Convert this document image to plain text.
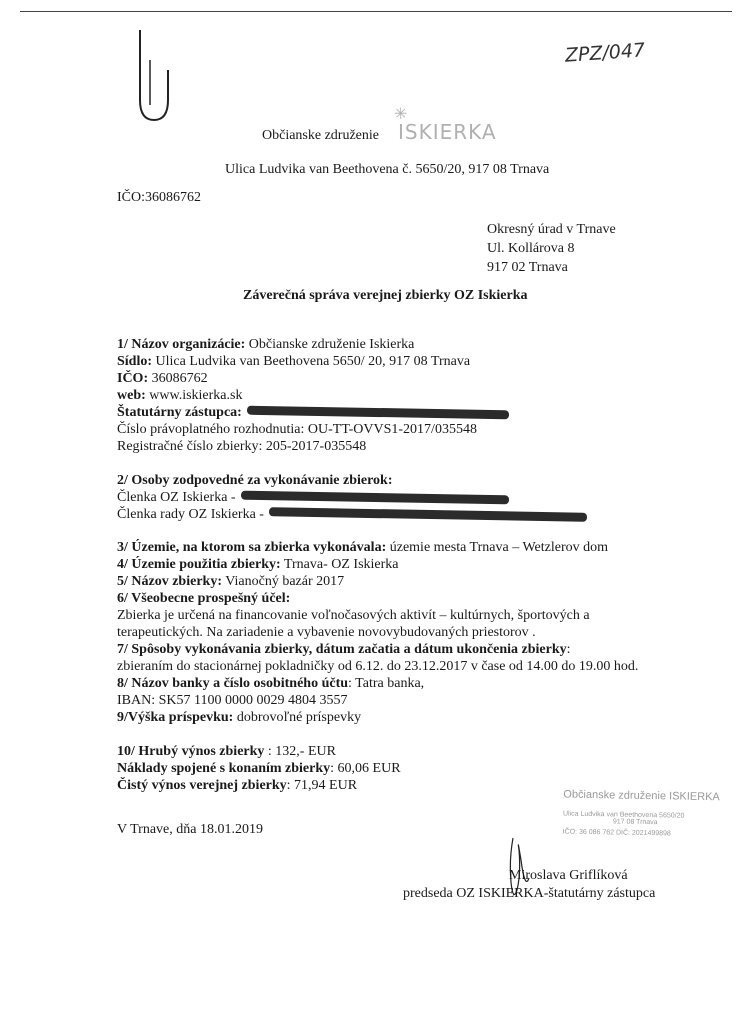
ZPZ/047
Občianske združenie
✳
ISKIERKA
Ulica Ludvika van Beethovena č. 5650/20, 917 08 Trnava
IČO:36086762
Okresný úrad v Trnave
Ul. Kollárova 8
917 02 Trnava
Záverečná správa verejnej zbierky OZ Iskierka
1/ Názov organizácie: Občianske združenie Iskierka
Sídlo: Ulica Ludvika van Beethovena 5650/ 20, 917 08 Trnava
IČO: 36086762
web: www.iskierka.sk
Štatutárny zástupca:
Číslo právoplatného rozhodnutia: OU-TT-OVVS1-2017/035548
Registračné číslo zbierky: 205-2017-035548
2/ Osoby zodpovedné za vykonávanie zbierok:
Členka OZ Iskierka -
Členka rady OZ Iskierka -
3/ Územie, na ktorom sa zbierka vykonávala: územie mesta Trnava – Wetzlerov dom
4/ Územie použitia zbierky: Trnava- OZ Iskierka
5/ Názov zbierky: Vianočný bazár 2017
6/ Všeobecne prospešný účel:
Zbierka je určená na financovanie voľnočasových aktivít – kultúrnych, športových a
terapeutických. Na zariadenie a vybavenie novovybudovaných priestorov .
7/ Spôsoby vykonávania zbierky, dátum začatia a dátum ukončenia zbierky:
zbieraním do stacionárnej pokladničky od 6.12. do 23.12.2017 v čase od 14.00 do 19.00 hod.
8/ Názov banky a číslo osobitného účtu: Tatra banka,
IBAN: SK57 1100 0000 0029 4804 3557
9/Výška príspevku: dobrovoľné príspevky
10/ Hrubý výnos zbierky : 132,- EUR
Náklady spojené s konaním zbierky: 60,06 EUR
Čistý výnos verejnej zbierky: 71,94 EUR
Občianske združenie ISKIERKA
Ulica Ludvika van Beethovena 5650/20
917 08 Trnava
IČO: 36 086 762 DIČ: 2021499898
V Trnave, dňa 18.01.2019
Miroslava Griflíková
predseda OZ ISKIERKA-štatutárny zástupca
